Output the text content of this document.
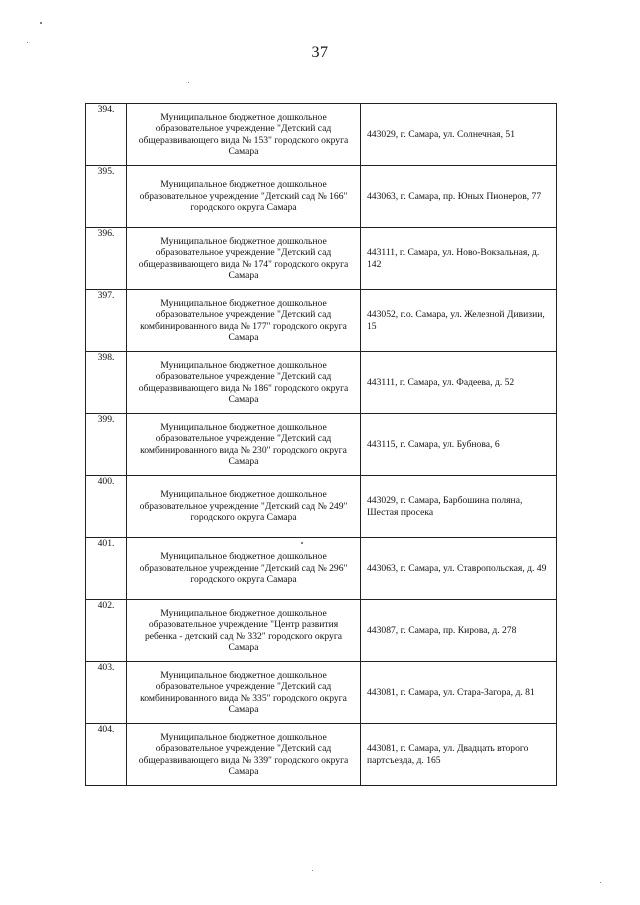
37
394.	Муниципальное бюджетное дошкольное образовательное учреждение "Детский сад общеразвивающего вида № 153" городского округа Самара	443029, г. Самара, ул. Солнечная, 51
395.	Муниципальное бюджетное дошкольное образовательное учреждение "Детский сад № 166" городского округа Самара	443063, г. Самара, пр. Юных Пионеров, 77
396.	Муниципальное бюджетное дошкольное образовательное учреждение "Детский сад общеразвивающего вида № 174" городского округа Самара	443111, г. Самара, ул. Ново-Вокзальная, д. 142
397.	Муниципальное бюджетное дошкольное образовательное учреждение "Детский сад комбинированного вида № 177" городского округа Самара	443052, г.о. Самара, ул. Железной Дивизии, 15
398.	Муниципальное бюджетное дошкольное образовательное учреждение "Детский сад общеразвивающего вида № 186" городского округа Самара	443111, г. Самара, ул. Фадеева, д. 52
399.	Муниципальное бюджетное дошкольное образовательное учреждение "Детский сад комбинированного вида № 230" городского округа Самара	443115, г. Самара, ул. Бубнова, 6
400.	Муниципальное бюджетное дошкольное образовательное учреждение "Детский сад № 249" городского округа Самара	443029, г. Самара, Барбошина поляна, Шестая просека
401.	Муниципальное бюджетное дошкольное образовательное учреждение "Детский сад № 296" городского округа Самара	443063, г. Самара, ул. Ставропольская, д. 49
402.	Муниципальное бюджетное дошкольное образовательное учреждение "Центр развития ребенка - детский сад № 332" городского округа Самара	443087, г. Самара, пр. Кирова, д. 278
403.	Муниципальное бюджетное дошкольное образовательное учреждение "Детский сад комбинированного вида № 335" городского округа Самара	443081, г. Самара, ул. Стара-Загора, д. 81
404.	Муниципальное бюджетное дошкольное образовательное учреждение "Детский сад общеразвивающего вида № 339" городского округа Самара	443081, г. Самара, ул. Двадцать второго партсъезда, д. 165
